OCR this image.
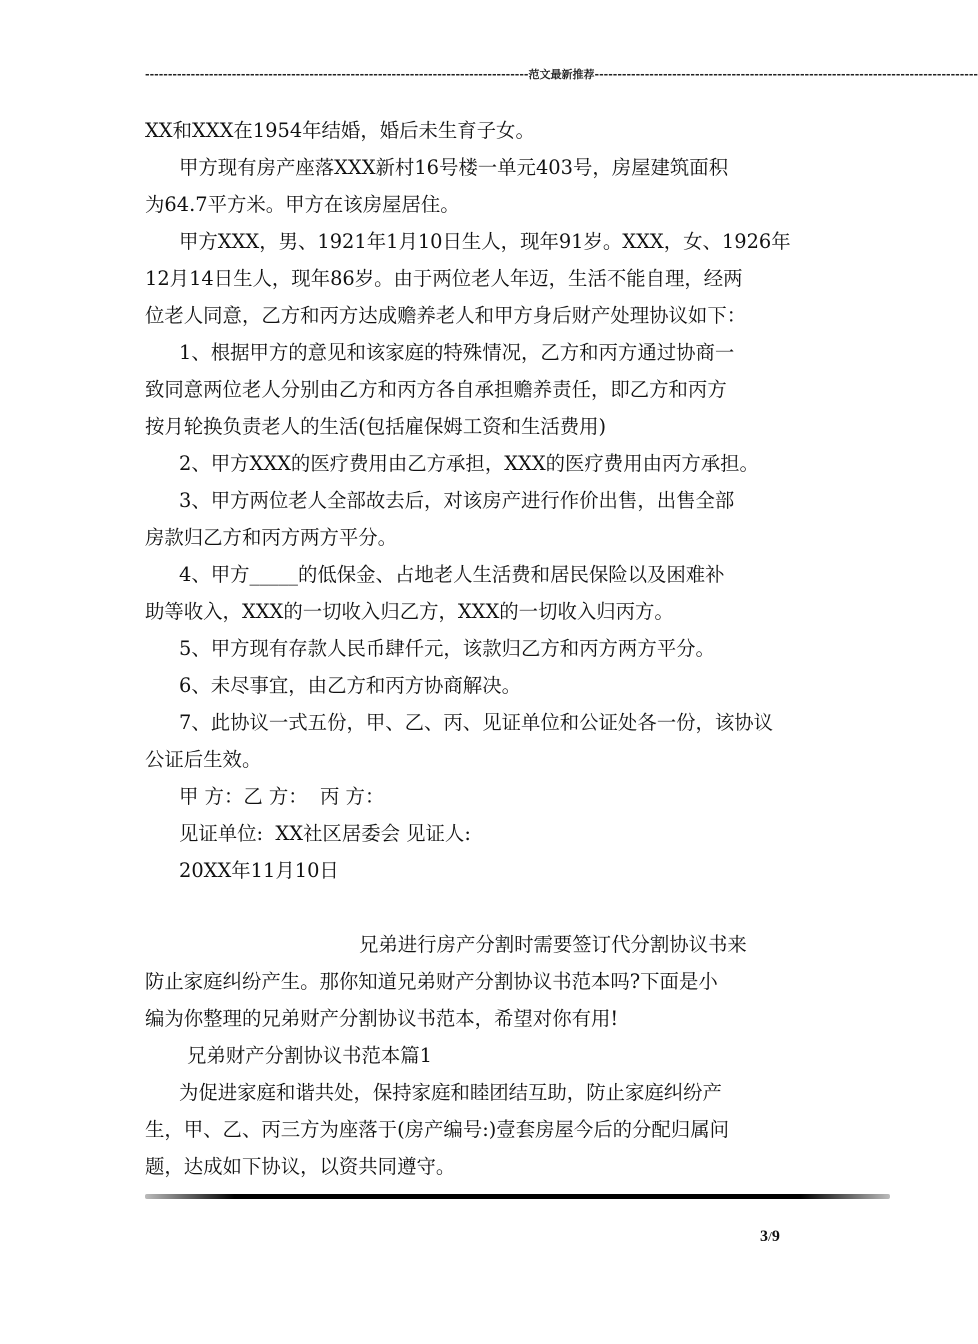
------------------------------------------------------------------------------------范文最新推荐------------------------------------------------------------------------------------

XX和XXX在1954年结婚，婚后未生育子女。

甲方现有房产座落XXX新村16号楼一单元403号，房屋建筑面积

为64.7平方米。甲方在该房屋居住。

甲方XXX，男、1921年1月10日生人，现年91岁。XXX，女、1926年

12月14日生人，现年86岁。由于两位老人年迈，生活不能自理，经两

位老人同意，乙方和丙方达成赡养老人和甲方身后财产处理协议如下：

1、根据甲方的意见和该家庭的特殊情况，乙方和丙方通过协商一

致同意两位老人分别由乙方和丙方各自承担赡养责任，即乙方和丙方

按月轮换负责老人的生活(包括雇保姆工资和生活费用)

2、甲方XXX的医疗费用由乙方承担，XXX的医疗费用由丙方承担。

3、甲方两位老人全部故去后，对该房产进行作价出售，出售全部

房款归乙方和丙方两方平分。

4、甲方_____的低保金、占地老人生活费和居民保险以及困难补

助等收入，XXX的一切收入归乙方，XXX的一切收入归丙方。

5、甲方现有存款人民币肆仟元，该款归乙方和丙方两方平分。

6、未尽事宜，由乙方和丙方协商解决。

7、此协议一式五份，甲、乙、丙、见证单位和公证处各一份，该协议

公证后生效。

甲 方：乙 方：  丙 方：

见证单位:  XX社区居委会 见证人:

20XX年11月10日

兄弟进行房产分割时需要签订代分割协议书来

防止家庭纠纷产生。那你知道兄弟财产分割协议书范本吗?下面是小

编为你整理的兄弟财产分割协议书范本，希望对你有用!

兄弟财产分割协议书范本篇1

为促进家庭和谐共处，保持家庭和睦团结互助，防止家庭纠纷产

生，甲、乙、丙三方为座落于(房产编号:)壹套房屋今后的分配归属问

题，达成如下协议，以资共同遵守。

3/9
